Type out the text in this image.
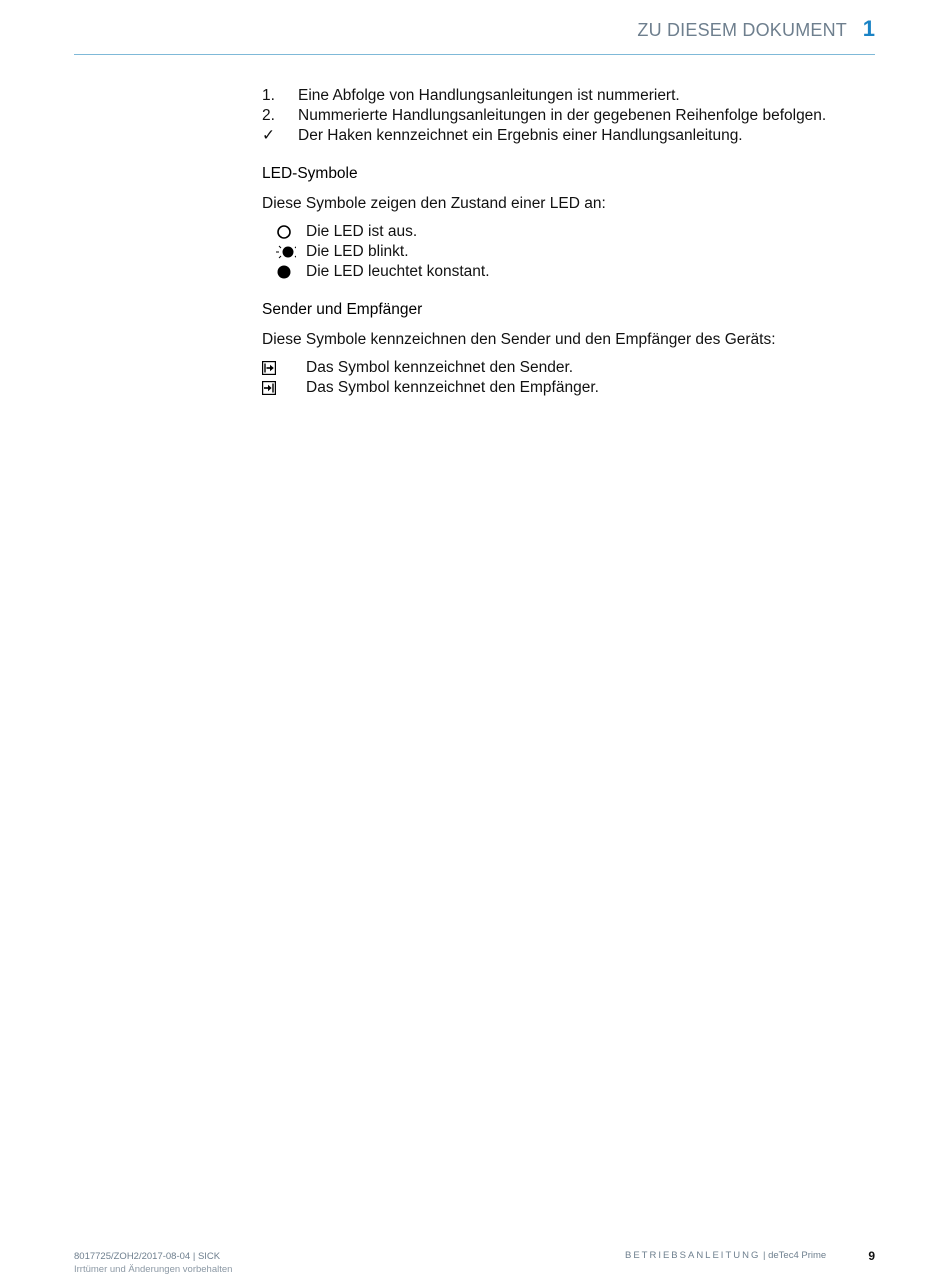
ZU DIESEM DOKUMENT 1
1. Eine Abfolge von Handlungsanleitungen ist nummeriert.
2. Nummerierte Handlungsanleitungen in der gegebenen Reihenfolge befolgen.
✓ Der Haken kennzeichnet ein Ergebnis einer Handlungsanleitung.
LED-Symbole
Diese Symbole zeigen den Zustand einer LED an:
Die LED ist aus.
Die LED blinkt.
Die LED leuchtet konstant.
Sender und Empfänger
Diese Symbole kennzeichnen den Sender und den Empfänger des Geräts:
Das Symbol kennzeichnet den Sender.
Das Symbol kennzeichnet den Empfänger.
8017725/ZOH2/2017-08-04 | SICK
Irrtümer und Änderungen vorbehalten
BETRIEBSANLEITUNG | deTec4 Prime	9
